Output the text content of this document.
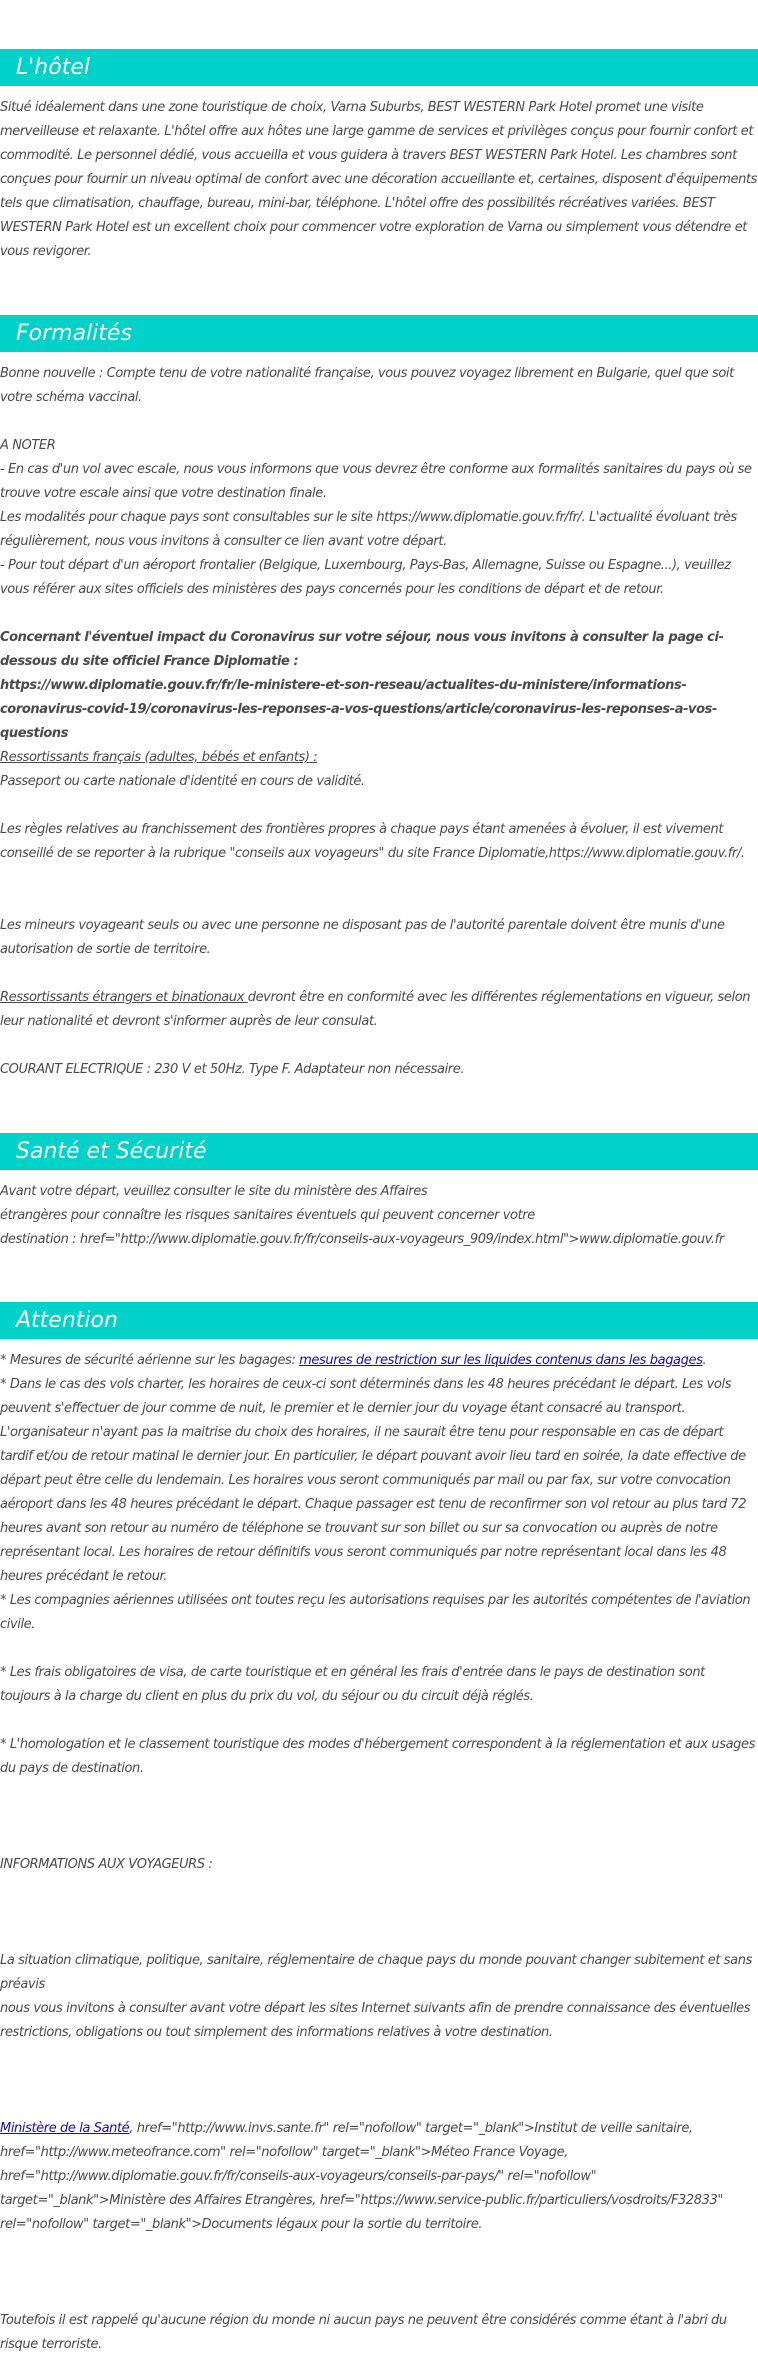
L'hôtel
Situé idéalement dans une zone touristique de choix, Varna Suburbs, BEST WESTERN Park Hotel promet une visite merveilleuse et relaxante. L'hôtel offre aux hôtes une large gamme de services et privilèges conçus pour fournir confort et commodité. Le personnel dédié, vous accueilla et vous guidera à travers BEST WESTERN Park Hotel. Les chambres sont conçues pour fournir un niveau optimal de confort avec une décoration accueillante et, certaines, disposent d'équipements tels que climatisation, chauffage, bureau, mini-bar, téléphone. L'hôtel offre des possibilités récréatives variées. BEST WESTERN Park Hotel est un excellent choix pour commencer votre exploration de Varna ou simplement vous détendre et vous revigorer.
Formalités
Bonne nouvelle : Compte tenu de votre nationalité française, vous pouvez voyagez librement en Bulgarie, quel que soit votre schéma vaccinal.
A NOTER
- En cas d'un vol avec escale, nous vous informons que vous devrez être conforme aux formalités sanitaires du pays où se trouve votre escale ainsi que votre destination finale.
Les modalités pour chaque pays sont consultables sur le site https://www.diplomatie.gouv.fr/fr/. L'actualité évoluant très régulièrement, nous vous invitons à consulter ce lien avant votre départ.
- Pour tout départ d'un aéroport frontalier (Belgique, Luxembourg, Pays-Bas, Allemagne, Suisse ou Espagne...), veuillez vous référer aux sites officiels des ministères des pays concernés pour les conditions de départ et de retour.
Concernant l'éventuel impact du Coronavirus sur votre séjour, nous vous invitons à consulter la page ci-dessous du site officiel France Diplomatie :
https://www.diplomatie.gouv.fr/fr/le-ministere-et-son-reseau/actualites-du-ministere/informations-coronavirus-covid-19/coronavirus-les-reponses-a-vos-questions/article/coronavirus-les-reponses-a-vos-questions
Ressortissants français (adultes, bébés et enfants) :
Passeport ou carte nationale d'identité en cours de validité.
Les règles relatives au franchissement des frontières propres à chaque pays étant amenées à évoluer, il est vivement conseillé de se reporter à la rubrique "conseils aux voyageurs" du site France Diplomatie,https://www.diplomatie.gouv.fr/.
Les mineurs voyageant seuls ou avec une personne ne disposant pas de l'autorité parentale doivent être munis d'une autorisation de sortie de territoire.
Ressortissants étrangers et binationaux devront être en conformité avec les différentes réglementations en vigueur, selon leur nationalité et devront s'informer auprès de leur consulat.
COURANT ELECTRIQUE : 230 V et 50Hz. Type F. Adaptateur non nécessaire.
Santé et Sécurité
Avant votre départ, veuillez consulter le site du ministère des Affaires
étrangères pour connaître les risques sanitaires éventuels qui peuvent concerner votre
destination : href="http://www.diplomatie.gouv.fr/fr/conseils-aux-voyageurs_909/index.html">www.diplomatie.gouv.fr
Attention
* Mesures de sécurité aérienne sur les bagages: mesures de restriction sur les liquides contenus dans les bagages.
* Dans le cas des vols charter, les horaires de ceux-ci sont déterminés dans les 48 heures précédant le départ. Les vols peuvent s'effectuer de jour comme de nuit, le premier et le dernier jour du voyage étant consacré au transport. L'organisateur n'ayant pas la maitrise du choix des horaires, il ne saurait être tenu pour responsable en cas de départ tardif et/ou de retour matinal le dernier jour. En particulier, le départ pouvant avoir lieu tard en soirée, la date effective de départ peut être celle du lendemain. Les horaires vous seront communiqués par mail ou par fax, sur votre convocation aéroport dans les 48 heures précédant le départ. Chaque passager est tenu de reconfirmer son vol retour au plus tard 72 heures avant son retour au numéro de téléphone se trouvant sur son billet ou sur sa convocation ou auprès de notre représentant local. Les horaires de retour définitifs vous seront communiqués par notre représentant local dans les 48 heures précédant le retour.
* Les compagnies aériennes utilisées ont toutes reçu les autorisations requises par les autorités compétentes de l'aviation civile.
* Les frais obligatoires de visa, de carte touristique et en général les frais d'entrée dans le pays de destination sont toujours à la charge du client en plus du prix du vol, du séjour ou du circuit déjà réglés.
* L'homologation et le classement touristique des modes d'hébergement correspondent à la réglementation et aux usages du pays de destination.
INFORMATIONS AUX VOYAGEURS :
La situation climatique, politique, sanitaire, réglementaire de chaque pays du monde pouvant changer subitement et sans préavis
nous vous invitons à consulter avant votre départ les sites Internet suivants afin de prendre connaissance des éventuelles restrictions, obligations ou tout simplement des informations relatives à votre destination.
Ministère de la Santé, href="http://www.invs.sante.fr" rel="nofollow" target="_blank">Institut de veille sanitaire, href="http://www.meteofrance.com" rel="nofollow" target="_blank">Méteo France Voyage, href="http://www.diplomatie.gouv.fr/fr/conseils-aux-voyageurs/conseils-par-pays/" rel="nofollow" target="_blank">Ministère des Affaires Etrangères, href="https://www.service-public.fr/particuliers/vosdroits/F32833" rel="nofollow" target="_blank">Documents légaux pour la sortie du territoire.
Toutefois il est rappelé qu'aucune région du monde ni aucun pays ne peuvent être considérés comme étant à l'abri du risque terroriste.
